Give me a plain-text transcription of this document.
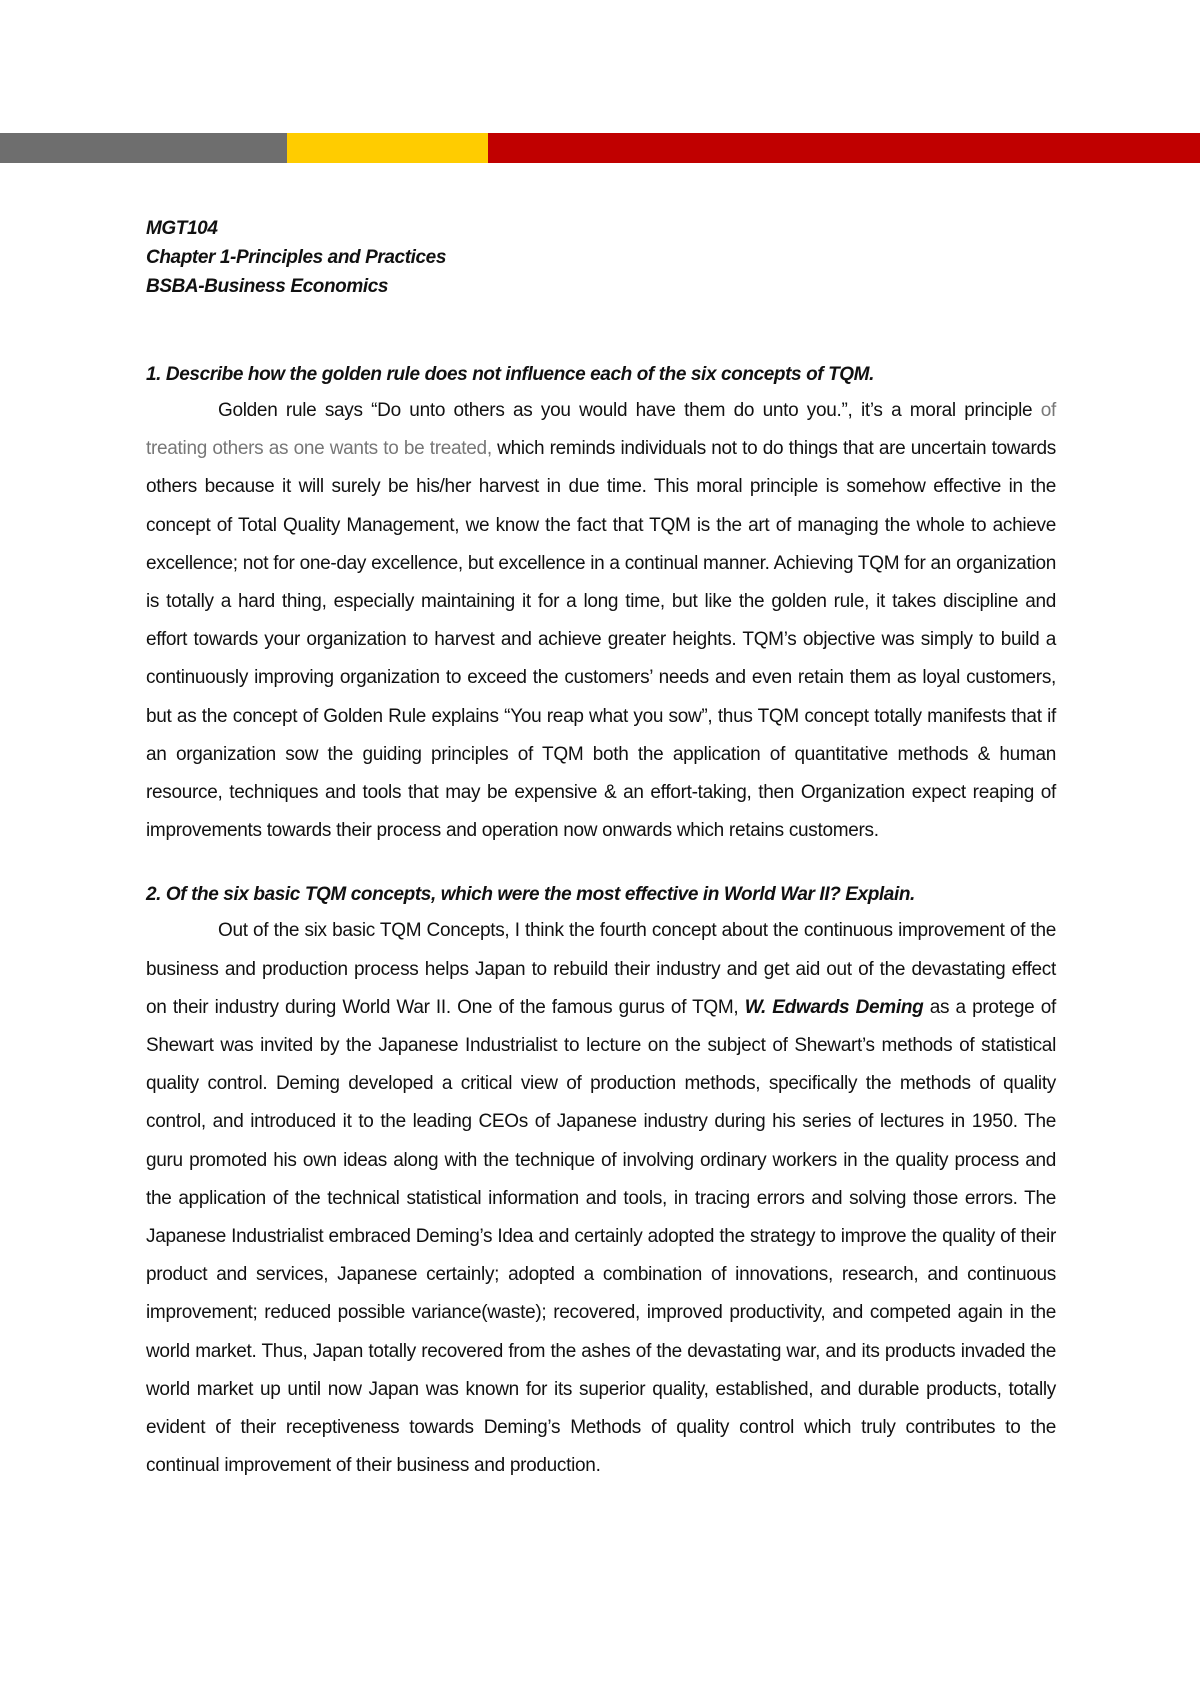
MGT104

Chapter 1-Principles and Practices

BSBA-Business Economics

1. Describe how the golden rule does not influence each of the six concepts of TQM.

Golden rule says “Do unto others as you would have them do unto you.”, it’s a moral principle of treating others as one wants to be treated, which reminds individuals not to do things that are uncertain towards others because it will surely be his/her harvest in due time. This moral principle is somehow effective in the concept of Total Quality Management, we know the fact that TQM is the art of managing the whole to achieve excellence; not for one-day excellence, but excellence in a continual manner. Achieving TQM for an organization is totally a hard thing, especially maintaining it for a long time, but like the golden rule, it takes discipline and effort towards your organization to harvest and achieve greater heights. TQM’s objective was simply to build a continuously improving organization to exceed the customers’ needs and even retain them as loyal customers, but as the concept of Golden Rule explains “You reap what you sow”, thus TQM concept totally manifests that if an organization sow the guiding principles of TQM both the application of quantitative methods & human resource, techniques and tools that may be expensive & an effort-taking, then Organization expect reaping of improvements towards their process and operation now onwards which retains customers.

2. Of the six basic TQM concepts, which were the most effective in World War II? Explain.

Out of the six basic TQM Concepts, I think the fourth concept about the continuous improvement of the business and production process helps Japan to rebuild their industry and get aid out of the devastating effect on their industry during World War II. One of the famous gurus of TQM, W. Edwards Deming as a protege of Shewart was invited by the Japanese Industrialist to lecture on the subject of Shewart’s methods of statistical quality control. Deming developed a critical view of production methods, specifically the methods of quality control, and introduced it to the leading CEOs of Japanese industry during his series of lectures in 1950. The guru promoted his own ideas along with the technique of involving ordinary workers in the quality process and the application of the technical statistical information and tools, in tracing errors and solving those errors. The Japanese Industrialist embraced Deming’s Idea and certainly adopted the strategy to improve the quality of their product and services, Japanese certainly; adopted a combination of innovations, research, and continuous improvement; reduced possible variance(waste); recovered, improved productivity, and competed again in the world market. Thus, Japan totally recovered from the ashes of the devastating war, and its products invaded the world market up until now Japan was known for its superior quality, established, and durable products, totally evident of their receptiveness towards Deming’s Methods of quality control which truly contributes to the continual improvement of their business and production.
